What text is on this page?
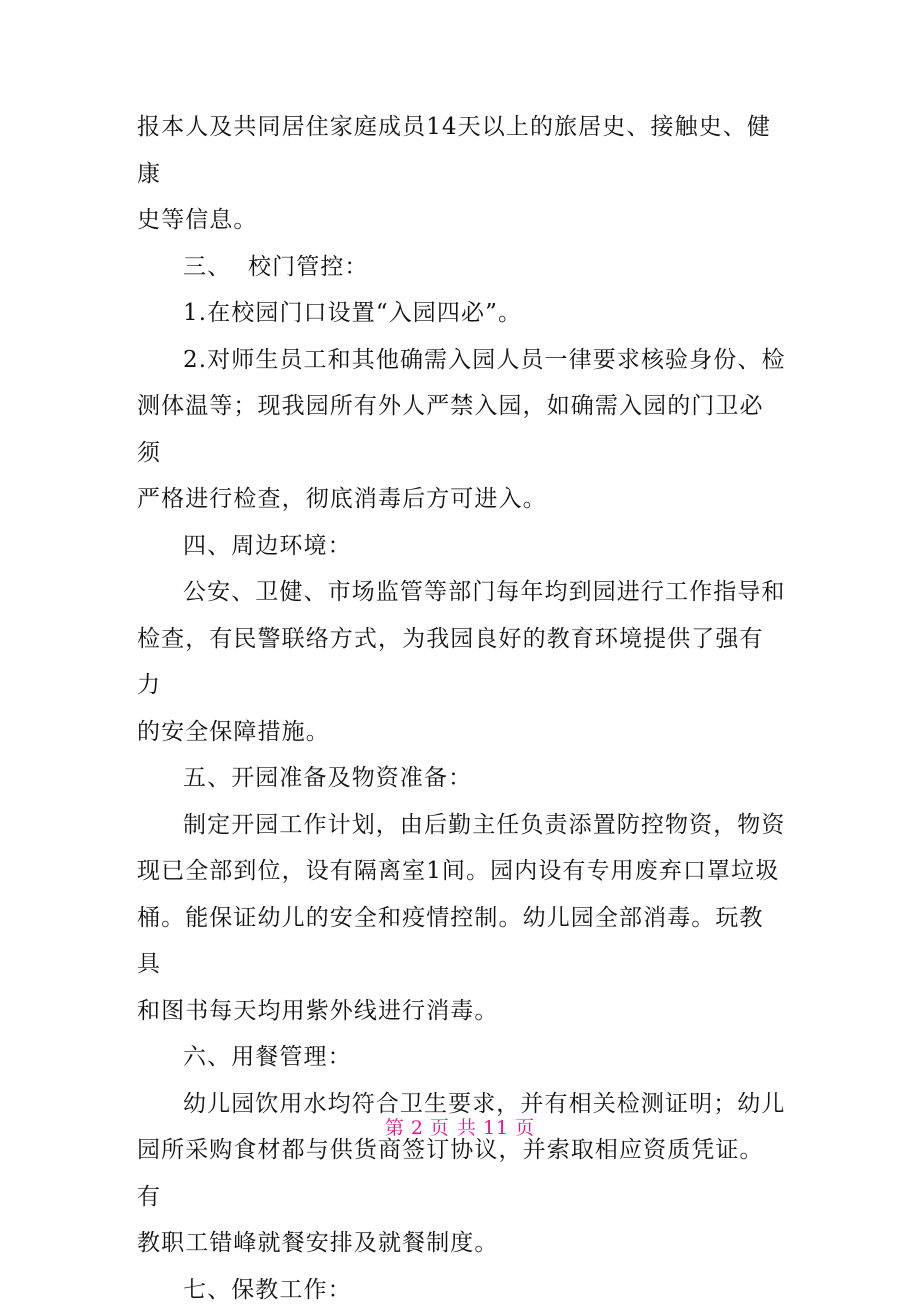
报本人及共同居住家庭成员14天以上的旅居史、接触史、健康
史等信息。
三、  校门管控：
1.在校园门口设置“入园四必”。
2.对师生员工和其他确需入园人员一律要求核验身份、检
测体温等；现我园所有外人严禁入园，如确需入园的门卫必须
严格进行检查，彻底消毒后方可进入。
四、周边环境：
公安、卫健、市场监管等部门每年均到园进行工作指导和
检查，有民警联络方式，为我园良好的教育环境提供了强有力
的安全保障措施。
五、开园准备及物资准备：
制定开园工作计划，由后勤主任负责添置防控物资，物资
现已全部到位，设有隔离室1间。园内设有专用废弃口罩垃圾
桶。能保证幼儿的安全和疫情控制。幼儿园全部消毒。玩教具
和图书每天均用紫外线进行消毒。
六、用餐管理：
幼儿园饮用水均符合卫生要求，并有相关检测证明；幼儿
园所采购食材都与供货商签订协议，并索取相应资质凭证。有
教职工错峰就餐安排及就餐制度。
七、保教工作：
第 2 页 共 11 页
